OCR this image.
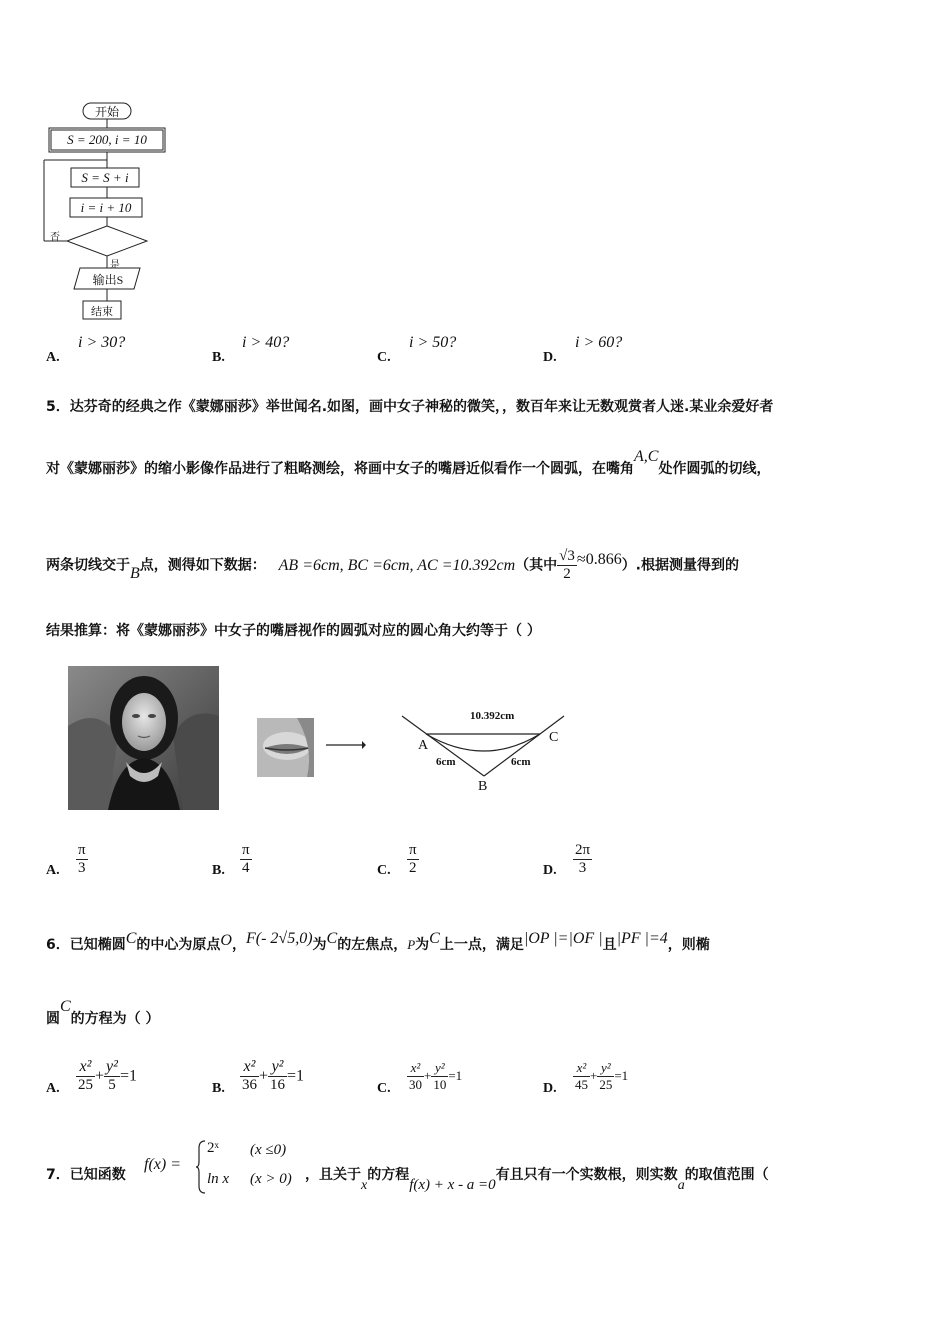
开始
S = 200, i = 10
S = S + i
i = i + 10
否
是
输出S
结束
A.
i > 30?
B.
i > 40?
C.
i > 50?
D.
i > 60?
5．达芬奇的经典之作《蒙娜丽莎》举世闻名.如图，画中女子神秘的微笑，，数百年来让无数观赏者人迷.某业余爱好者
对《蒙娜丽莎》的缩小影像作品进行了粗略测绘，将画中女子的嘴唇近似看作一个圆弧，在嘴角A,C处作圆弧的切线，
两条切线交于B点，测得如下数据： AB =6cm, BC =6cm, AC =10.392cm（其中 $\frac{√3}{2} \approx 0.866$）.根据测量得到的
结果推算：将《蒙娜丽莎》中女子的嘴唇视作的圆弧对应的圆心角大约等于（ ）
10.392cm
A
C
B
6cm	6cm
A. $\frac{\pi}{3}$	B. $\frac{\pi}{4}$	C. $\frac{\pi}{2}$	D. $\frac{2\pi}{3}$
6．已知椭圆C的中心为原点O，F(- 2√5,0)为C的左焦点，P为C上一点，满足|OP |=|OF |且|PF |=4，则椭
圆C的方程为（ ）
A. $\frac{\text{x²}}{25} + \frac{\text{y²}}{5} =1$
B. $\frac{\text{x²}}{36} + \frac{\text{y²}}{16} =1$
C. $\frac{\text{x²}}{30} + \frac{\text{y²}}{10} =1$
D. $\frac{\text{x²}}{45} + \frac{\text{y²}}{25} =1$
7．已知函数
f(x) =
2ˣ (x ≤0)
ln x (x > 0) ，且关于x的方程f(x) + x - a =0有且只有一个实数根，则实数a的取值范围（
